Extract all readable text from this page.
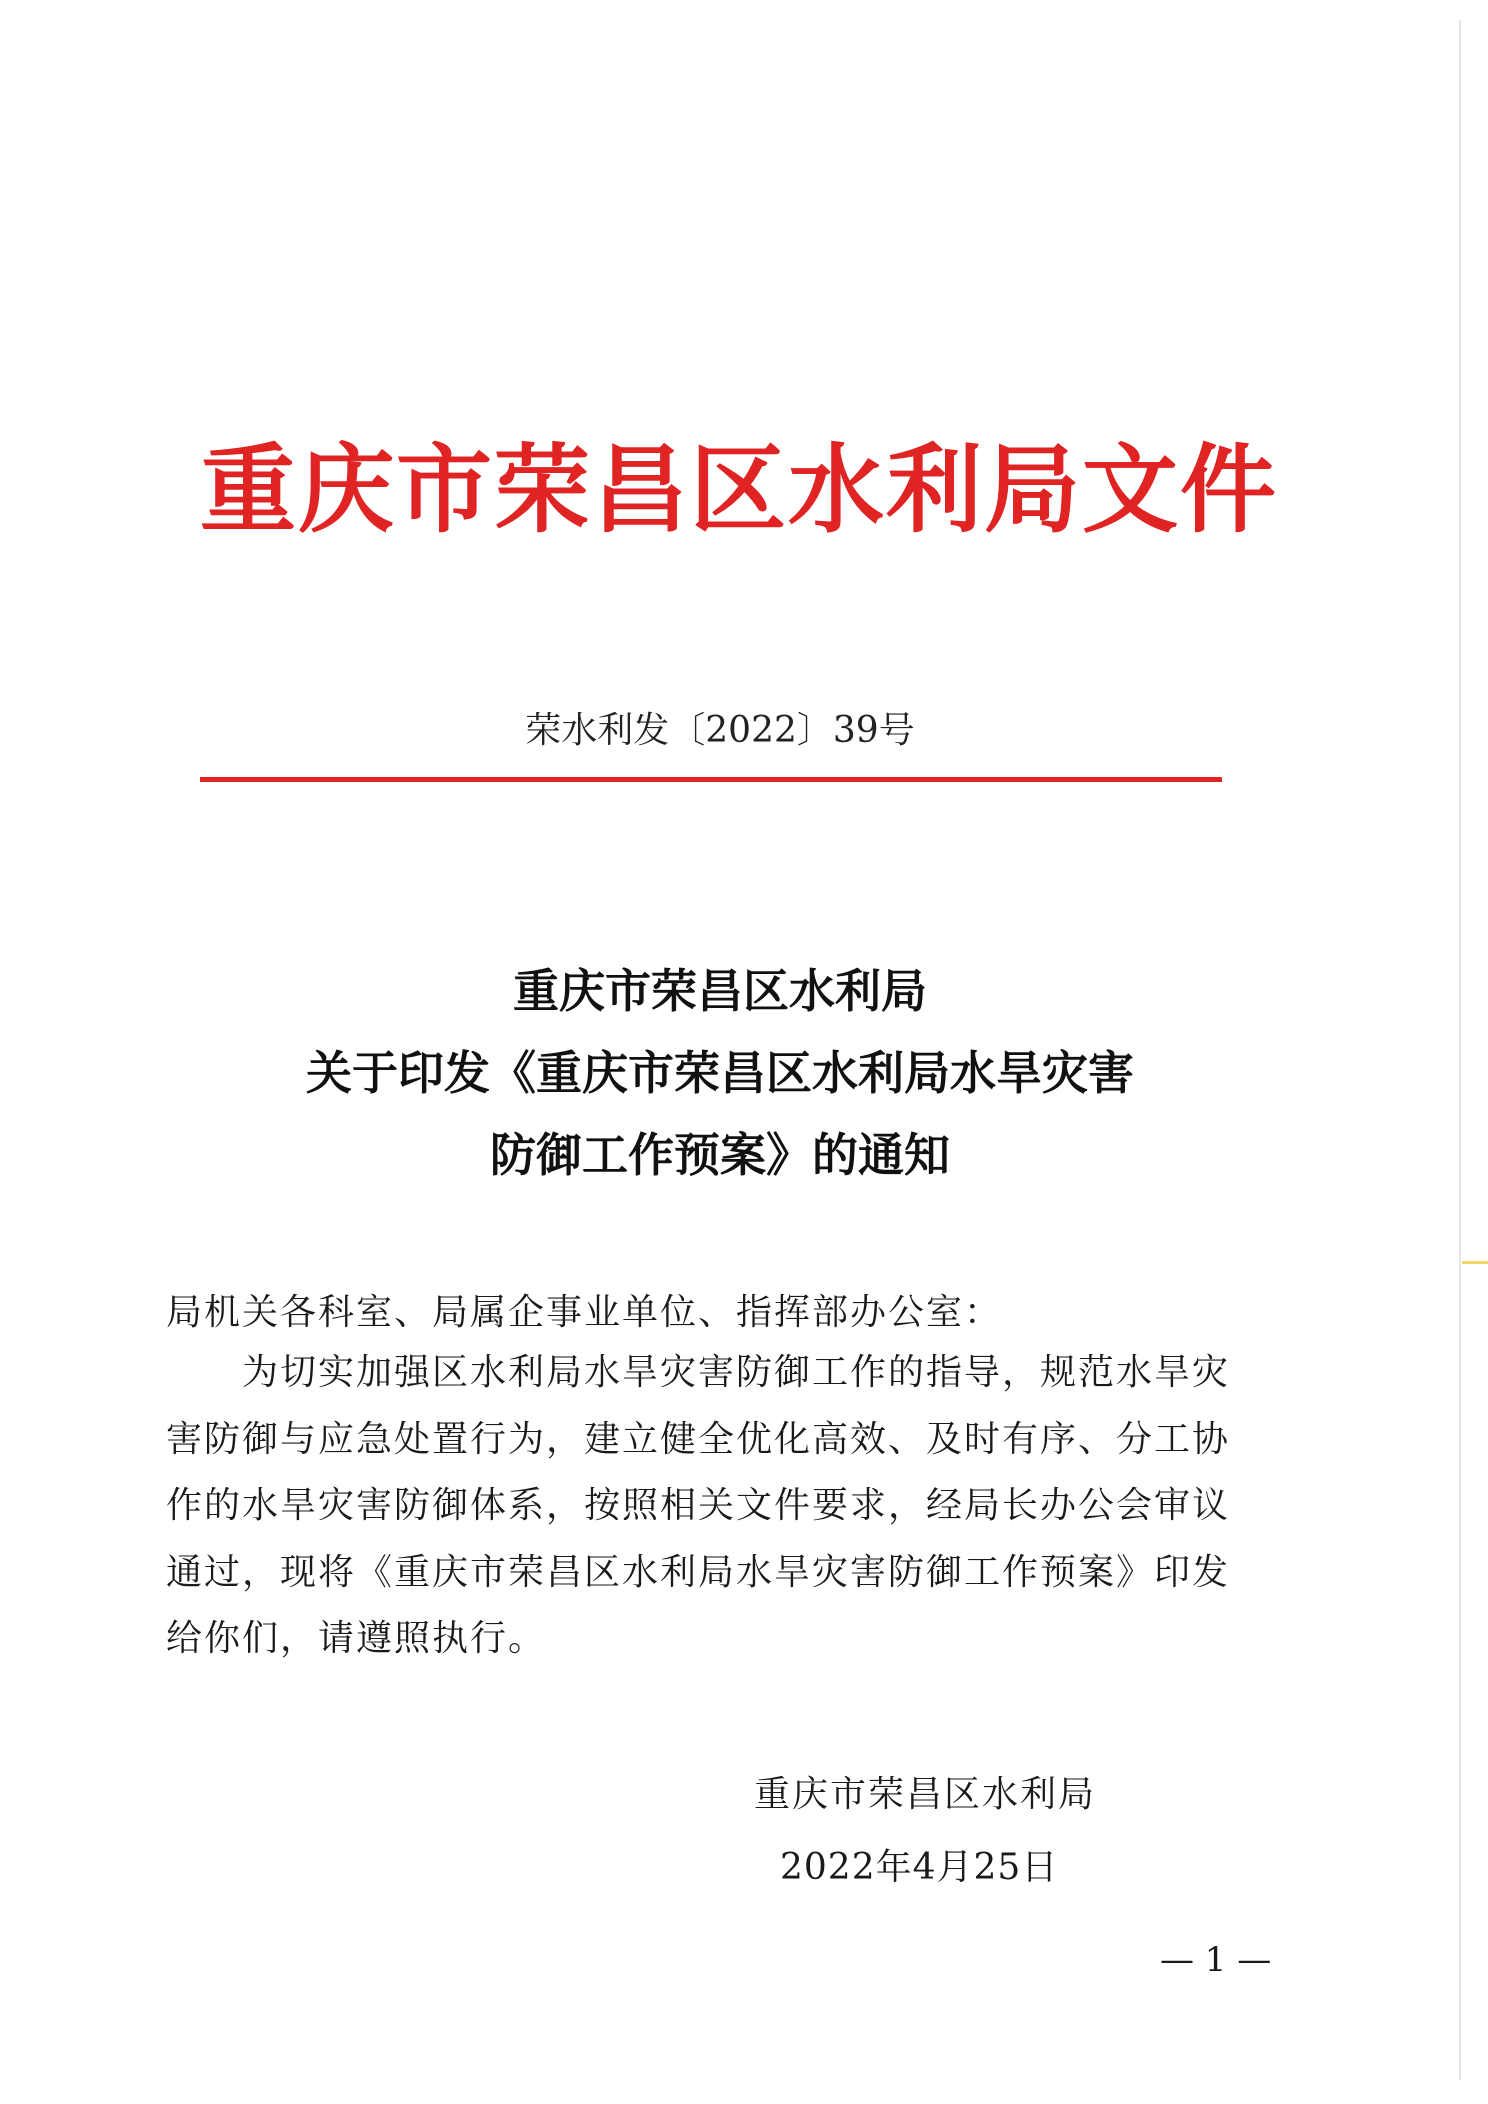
重庆市荣昌区水利局文件
荣水利发〔2022〕39号
重庆市荣昌区水利局
关于印发《重庆市荣昌区水利局水旱灾害
防御工作预案》的通知
局机关各科室、局属企事业单位、指挥部办公室：
为切实加强区水利局水旱灾害防御工作的指导，规范水旱灾
害防御与应急处置行为，建立健全优化高效、及时有序、分工协
作的水旱灾害防御体系，按照相关文件要求，经局长办公会审议
通过，现将《重庆市荣昌区水利局水旱灾害防御工作预案》印发
给你们，请遵照执行。
重庆市荣昌区水利局
2022年4月25日
— 1 —
